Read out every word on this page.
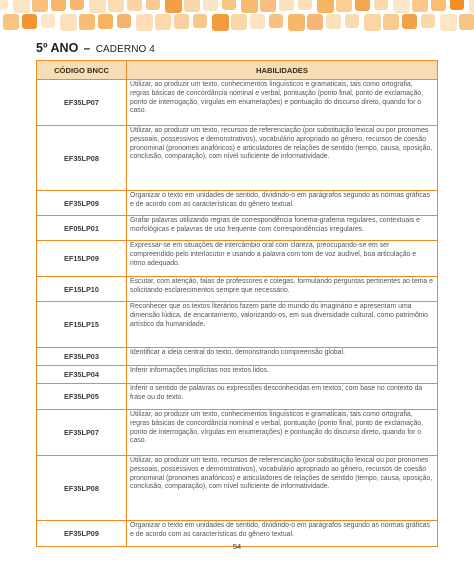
5º ANO – CADERNO 4
CÓDIGO BNCC	HABILIDADES
EF35LP07	Utilizar, ao produzir um texto, conhecimentos linguísticos e gramaticais, tais como ortografia, regras básicas de concordância nominal e verbal, pontuação (ponto final, ponto de exclamação, ponto de interrogação, vírgulas em enumerações) e pontuação do discurso direto, quando for o caso.
EF35LP08	Utilizar, ao produzir um texto, recursos de referenciação (por substituição lexical ou por pronomes pessoais, possessivos e demonstrativos), vocabulário apropriado ao gênero, recursos de coesão pronominal (pronomes anafóricos) e articuladores de relações de sentido (tempo, causa, oposição, conclusão, comparação), com nível suficiente de informatividade.
EF35LP09	Organizar o texto em unidades de sentido, dividindo-o em parágrafos segundo as normas gráficas e de acordo com as características do gênero textual.
EF05LP01	Grafar palavras utilizando regras de correspondência fonema-grafema regulares, contextuais e morfológicas e palavras de uso frequente com correspondências irregulares.
EF15LP09	Expressar-se em situações de intercâmbio oral com clareza, preocupando-se em ser compreendido pelo interlocutor e usando a palavra com tom de voz audível, boa articulação e ritmo adequado.
EF15LP10	Escutar, com atenção, falas de professores e colegas, formulando perguntas pertinentes ao tema e solicitando esclarecimentos sempre que necessário.
EF15LP15	Reconhecer que os textos literários fazem parte do mundo do imaginário e apresentam uma dimensão lúdica, de encantamento, valorizando-os, em sua diversidade cultural, como patrimônio artístico da humanidade.
EF35LP03	Identificar a ideia central do texto, demonstrando compreensão global.
EF35LP04	Inferir informações implícitas nos textos lidos.
EF35LP05	Inferir o sentido de palavras ou expressões desconhecidas em textos, com base no contexto da frase ou do texto.
EF35LP07	Utilizar, ao produzir um texto, conhecimentos linguísticos e gramaticais, tais como ortografia, regras básicas de concordância nominal e verbal, pontuação (ponto final, ponto de exclamação, ponto de interrogação, vírgulas em enumerações) e pontuação do discurso direto, quando for o caso.
EF35LP08	Utilizar, ao produzir um texto, recursos de referenciação (por substituição lexical ou por pronomes pessoais, possessivos e demonstrativos), vocabulário apropriado ao gênero, recursos de coesão pronominal (pronomes anafóricos) e articuladores de relações de sentido (tempo, causa, oposição, conclusão, comparação), com nível suficiente de informatividade.
EF35LP09	Organizar o texto em unidades de sentido, dividindo-o em parágrafos segundo as normas gráficas e de acordo com as características do gênero textual.
54
